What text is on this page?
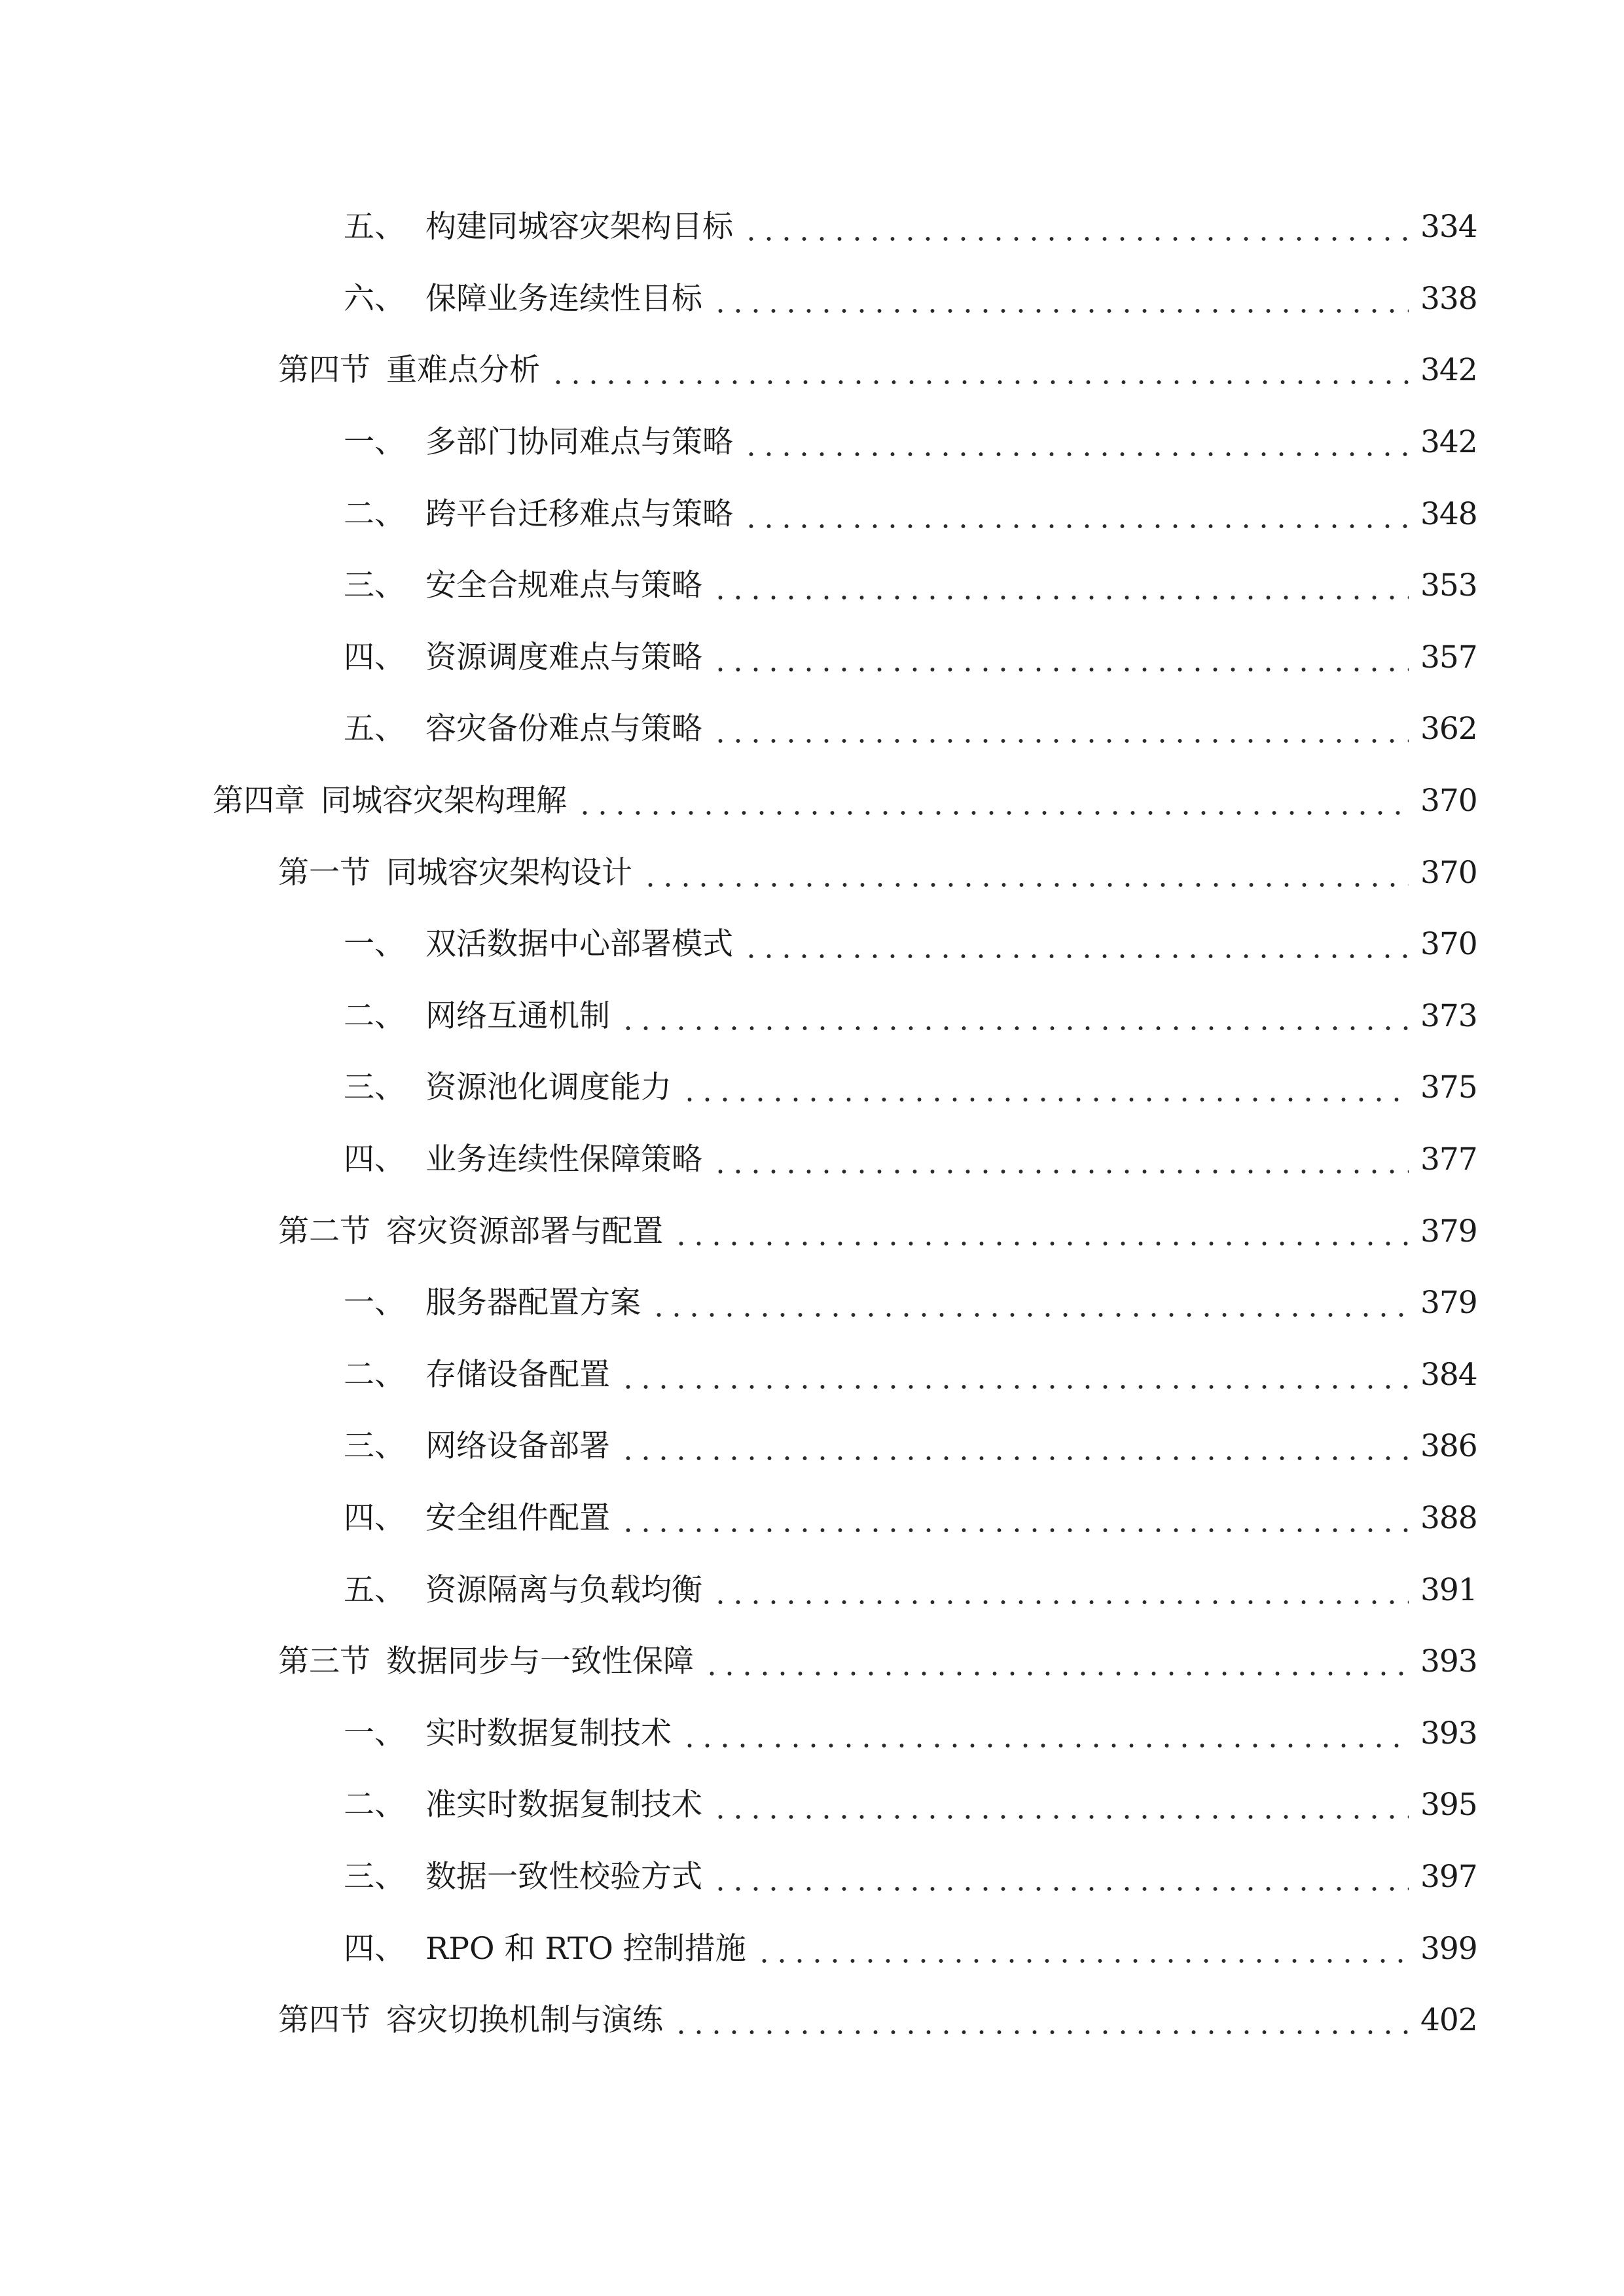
五、 构建同城容灾架构目标	334
六、 保障业务连续性目标	338
第四节 重难点分析	342
一、 多部门协同难点与策略	342
二、 跨平台迁移难点与策略	348
三、 安全合规难点与策略	353
四、 资源调度难点与策略	357
五、 容灾备份难点与策略	362
第四章 同城容灾架构理解	370
第一节 同城容灾架构设计	370
一、 双活数据中心部署模式	370
二、 网络互通机制	373
三、 资源池化调度能力	375
四、 业务连续性保障策略	377
第二节 容灾资源部署与配置	379
一、 服务器配置方案	379
二、 存储设备配置	384
三、 网络设备部署	386
四、 安全组件配置	388
五、 资源隔离与负载均衡	391
第三节 数据同步与一致性保障	393
一、 实时数据复制技术	393
二、 准实时数据复制技术	395
三、 数据一致性校验方式	397
四、 RPO 和 RTO 控制措施	399
第四节 容灾切换机制与演练	402
